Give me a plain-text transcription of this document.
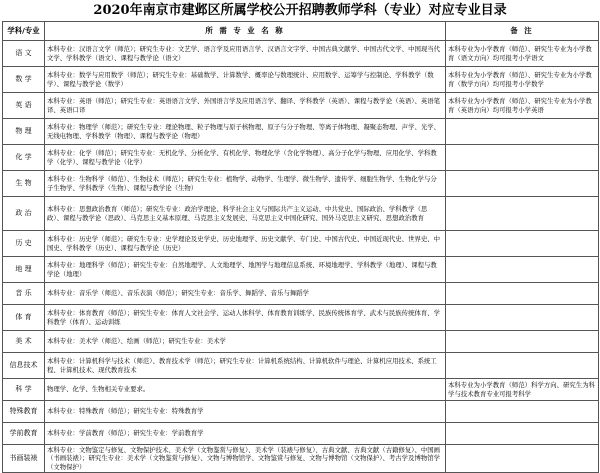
2020年南京市建邺区所属学校公开招聘教师学科（专业）对应专业目录
学科/专业	所 需 专 业 名 称	备 注
语 文	本科专业：汉语言文学（师范）；研究生专业：文艺学、语言学及应用语言学、汉语言文字学、中国古典文献学、中国古代文学、中国现当代文学、学科教学（语文）、课程与教学论（语文）	本科专业为小学教育（师范）、研究生专业为小学教育（语文方向）均可报考小学语文
数 学	本科专业：数学与应用数学（师范）；研究生专业：基础数学、计算数学、概率论与数理统计、应用数学、运筹学与控制论、学科教学（数学）、课程与教学论（数学）	本科专业为小学教育（师范）、研究生专业为小学教育（数学方向）均可报考小学数学
英 语	本科专业：英语（师范）；研究生专业：英语语言文学、外国语言学及应用语言学、翻译、学科教学（英语）、课程与教学论（英语）、英语笔译、英语口译	本科专业为小学教育（师范）、研究生专业为小学教育（英语方向）均可报考小学英语
物 理	本科专业：物理学（师范）；研究生专业：理论物理、粒子物理与原子核物理、原子与分子物理、等离子体物理、凝聚态物理、声学、光学、无线电物理、学科教学（物理）、课程与教学论（物理）	
化 学	本科专业：化学（师范）；研究生专业：无机化学、分析化学、有机化学、物理化学（含化学物理）、高分子化学与物理、应用化学、学科教学（化学）、课程与教学论（化学）	
生 物	本科专业：生物科学（师范）、生物技术（师范）；研究生专业：植物学、动物学、生理学、微生物学、遗传学、细胞生物学、生物化学与分子生物学、学科教学（生物）、课程与教学论（生物）	
政 治	本科专业：思想政治教育（师范）；研究生专业：政治学理论、科学社会主义与国际共产主义运动、中共党史、国际政治、学科教学（思政）、课程与教学论（思政）、马克思主义基本原理、马克思主义发展史、马克思主义中国化研究、国外马克思主义研究、思想政治教育	
历 史	本科专业：历史学（师范）；研究生专业：史学理论及史学史、历史地理学、历史文献学、专门史、中国古代史、中国近现代史、世界史、中国史、学科教学（历史）、课程与教学论（历史）	
地 理	本科专业：地理科学（师范）；研究生专业：自然地理学、人文地理学、地图学与地理信息系统、环境地理学、学科教学（地理）、课程与教学论（地理）	
音 乐	本科专业：音乐学（师范）、音乐表演（师范）；研究生专业：音乐学、舞蹈学、音乐与舞蹈学	
体 育	本科专业：体育教育（师范）；研究生专业：体育人文社会学、运动人体科学、体育教育训练学、民族传统体育学、武术与民族传统体育、学科教学（体育）、运动训练	
美 术	本科专业：美术学（师范）、绘画（师范）；研究生专业：美术学	
信息技术	本科专业：计算机科学与技术（师范）、教育技术学（师范）；研究生专业：计算机系统结构、计算机软件与理论、计算机应用技术、系统工程、计算机技术、现代教育技术	
科 学	物理学、化学、生物相关专业要求。	本科专业为小学教育（师范）科学方向、研究生为科学与技术教育专业可报考科学
特殊教育	本科专业：特殊教育（师范）；研究生专业：特殊教育学	
学前教育	本科专业：学前教育（师范）；研究生专业：学前教育学	
书画装裱	本科专业：文物鉴定与修复、文物保护技术、美术学（文物鉴赏与修复）、美术学（装裱与修复）、古典文献、古典文献（古籍修复）、中国画（书画装裱）；研究生专业：美术学（文物鉴赏与修复）、文物与博物馆学、文物鉴赏与修复、文物与博物馆（文物保护）、考古学及博物馆学（文物保护）	
